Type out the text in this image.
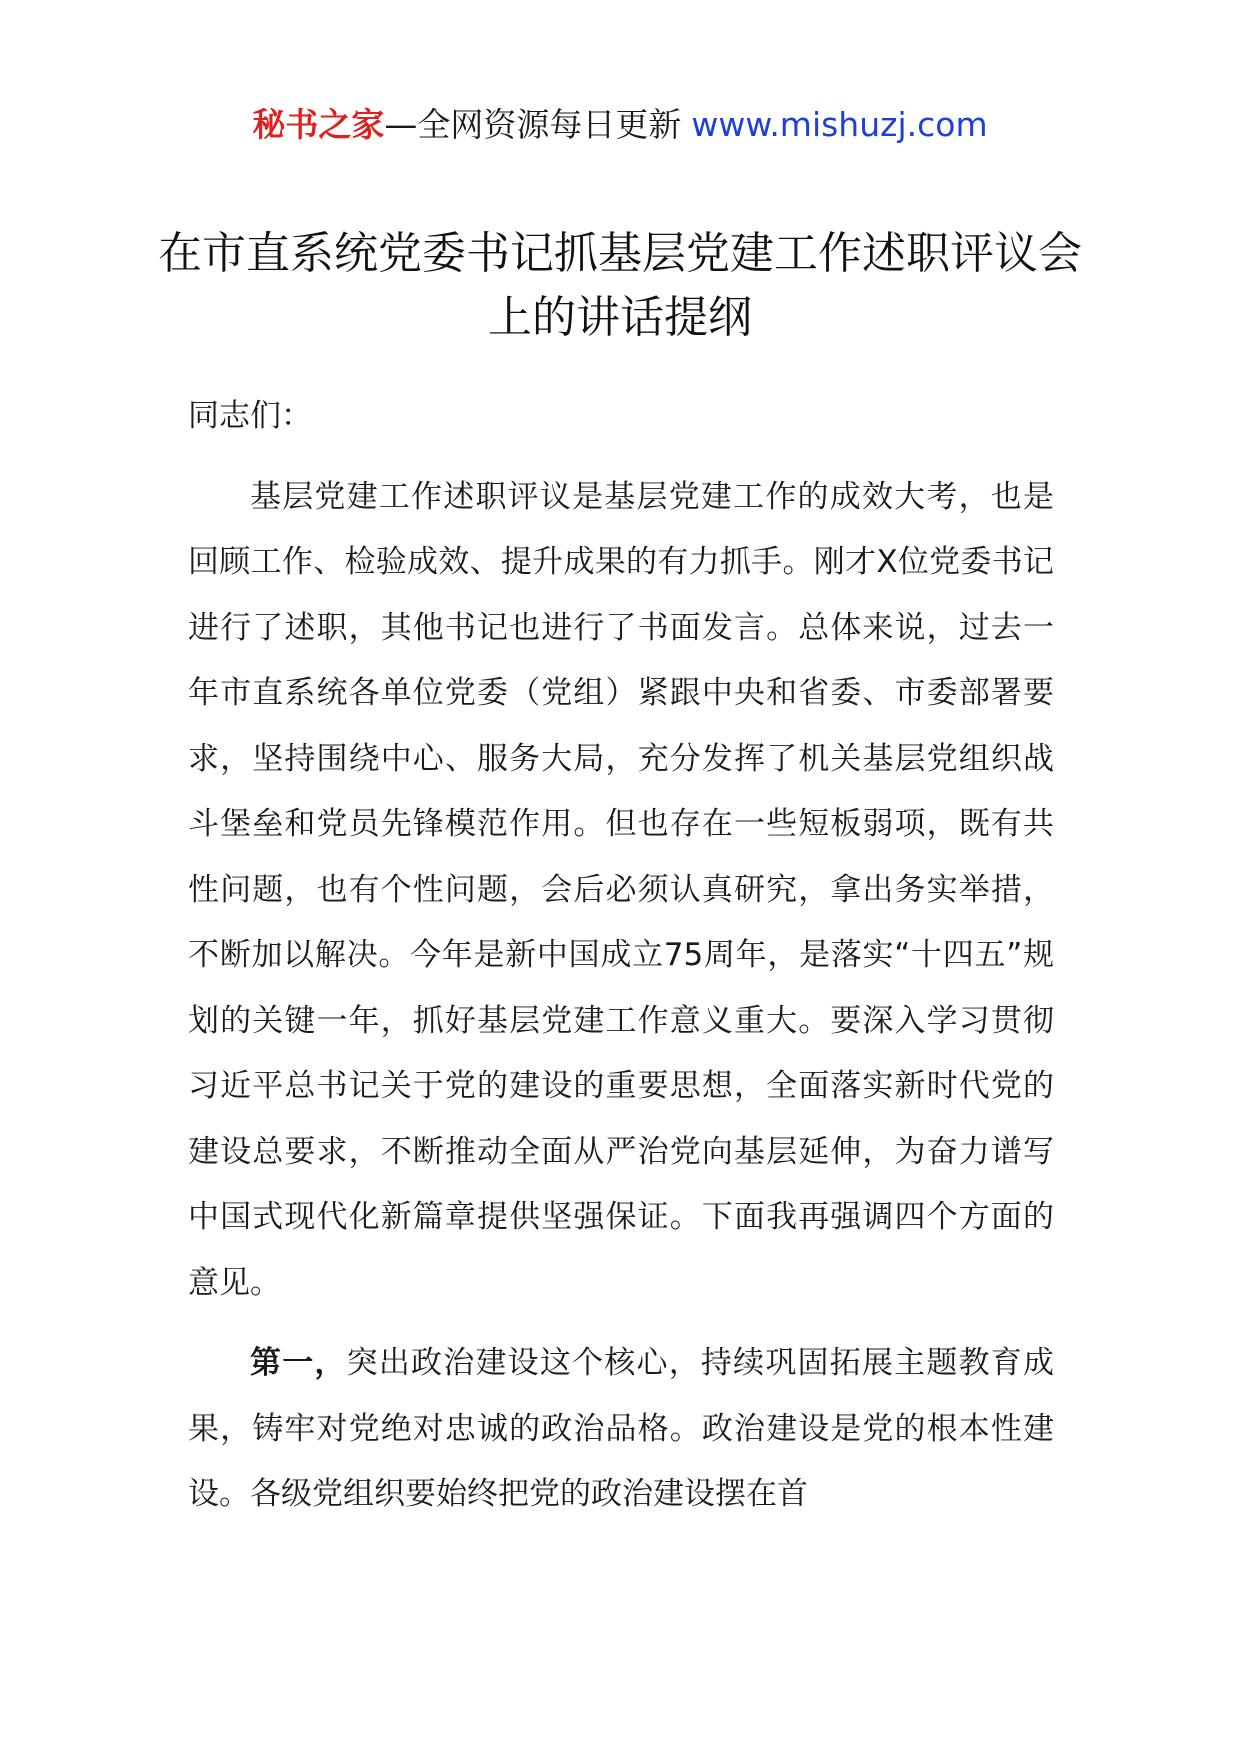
秘书之家—全网资源每日更新 www.mishuzj.com
在市直系统党委书记抓基层党建工作述职评议会上的讲话提纲

同志们：

基层党建工作述职评议是基层党建工作的成效大考，也是回顾工作、检验成效、提升成果的有力抓手。刚才X位党委书记进行了述职，其他书记也进行了书面发言。总体来说，过去一年市直系统各单位党委（党组）紧跟中央和省委、市委部署要求，坚持围绕中心、服务大局，充分发挥了机关基层党组织战斗堡垒和党员先锋模范作用。但也存在一些短板弱项，既有共性问题，也有个性问题，会后必须认真研究，拿出务实举措，不断加以解决。今年是新中国成立75周年，是落实“十四五”规划的关键一年，抓好基层党建工作意义重大。要深入学习贯彻习近平总书记关于党的建设的重要思想，全面落实新时代党的建设总要求，不断推动全面从严治党向基层延伸，为奋力谱写中国式现代化新篇章提供坚强保证。下面我再强调四个方面的意见。

第一，突出政治建设这个核心，持续巩固拓展主题教育成果，铸牢对党绝对忠诚的政治品格。政治建设是党的根本性建设。各级党组织要始终把党的政治建设摆在首
